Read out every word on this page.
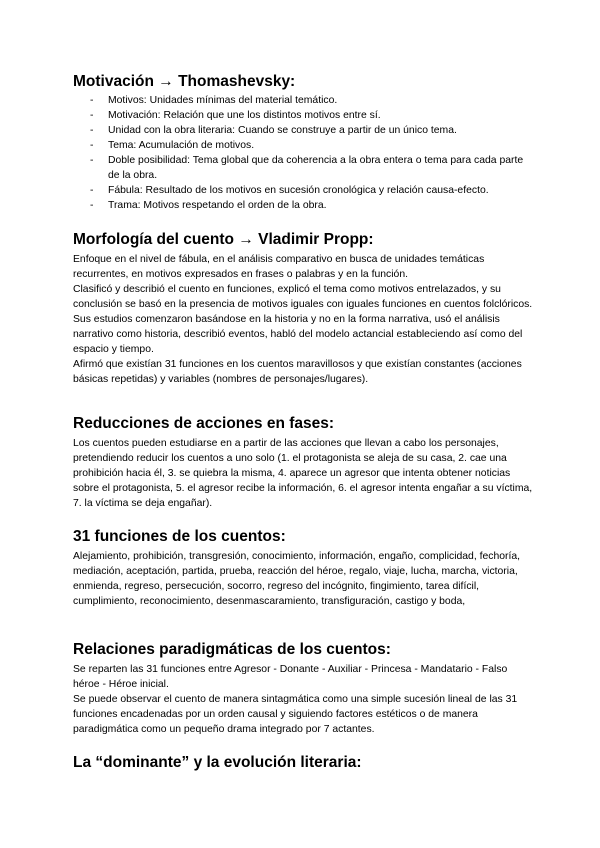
Motivación → Thomashevsky:
- Motivos: Unidades mínimas del material temático.
- Motivación: Relación que une los distintos motivos entre sí.
- Unidad con la obra literaria: Cuando se construye a partir de un único tema.
- Tema: Acumulación de motivos.
- Doble posibilidad: Tema global que da coherencia a la obra entera o tema para cada parte de la obra.
- Fábula: Resultado de los motivos en sucesión cronológica y relación causa-efecto.
- Trama: Motivos respetando el orden de la obra.
Morfología del cuento → Vladimir Propp:
Enfoque en el nivel de fábula, en el análisis comparativo en busca de unidades temáticas recurrentes, en motivos expresados en frases o palabras y en la función.
Clasificó y describió el cuento en funciones, explicó el tema como motivos entrelazados, y su conclusión se basó en la presencia de motivos iguales con iguales funciones en cuentos folclóricos.
Sus estudios comenzaron basándose en la historia y no en la forma narrativa, usó el análisis narrativo como historia, describió eventos, habló del modelo actancial estableciendo así como del espacio y tiempo.
Afirmó que existían 31 funciones en los cuentos maravillosos y que existían constantes (acciones básicas repetidas) y variables (nombres de personajes/lugares).
Reducciones de acciones en fases:
Los cuentos pueden estudiarse en a partir de las acciones que llevan a cabo los personajes, pretendiendo reducir los cuentos a uno solo (1. el protagonista se aleja de su casa, 2. cae una prohibición hacia él, 3. se quiebra la misma, 4. aparece un agresor que intenta obtener noticias sobre el protagonista, 5. el agresor recibe la información, 6. el agresor intenta engañar a su víctima, 7. la víctima se deja engañar).
31 funciones de los cuentos:
Alejamiento, prohibición, transgresión, conocimiento, información, engaño, complicidad, fechoría, mediación, aceptación, partida, prueba, reacción del héroe, regalo, viaje, lucha, marcha, victoria, enmienda, regreso, persecución, socorro, regreso del incógnito, fingimiento, tarea difícil, cumplimiento, reconocimiento, desenmascaramiento, transfiguración, castigo y boda,
Relaciones paradigmáticas de los cuentos:
Se reparten las 31 funciones entre Agresor - Donante - Auxiliar - Princesa - Mandatario - Falso héroe - Héroe inicial.
Se puede observar el cuento de manera sintagmática como una simple sucesión lineal de las 31 funciones encadenadas por un orden causal y siguiendo factores estéticos o de manera paradigmática como un pequeño drama integrado por 7 actantes.
La “dominante” y la evolución literaria:
